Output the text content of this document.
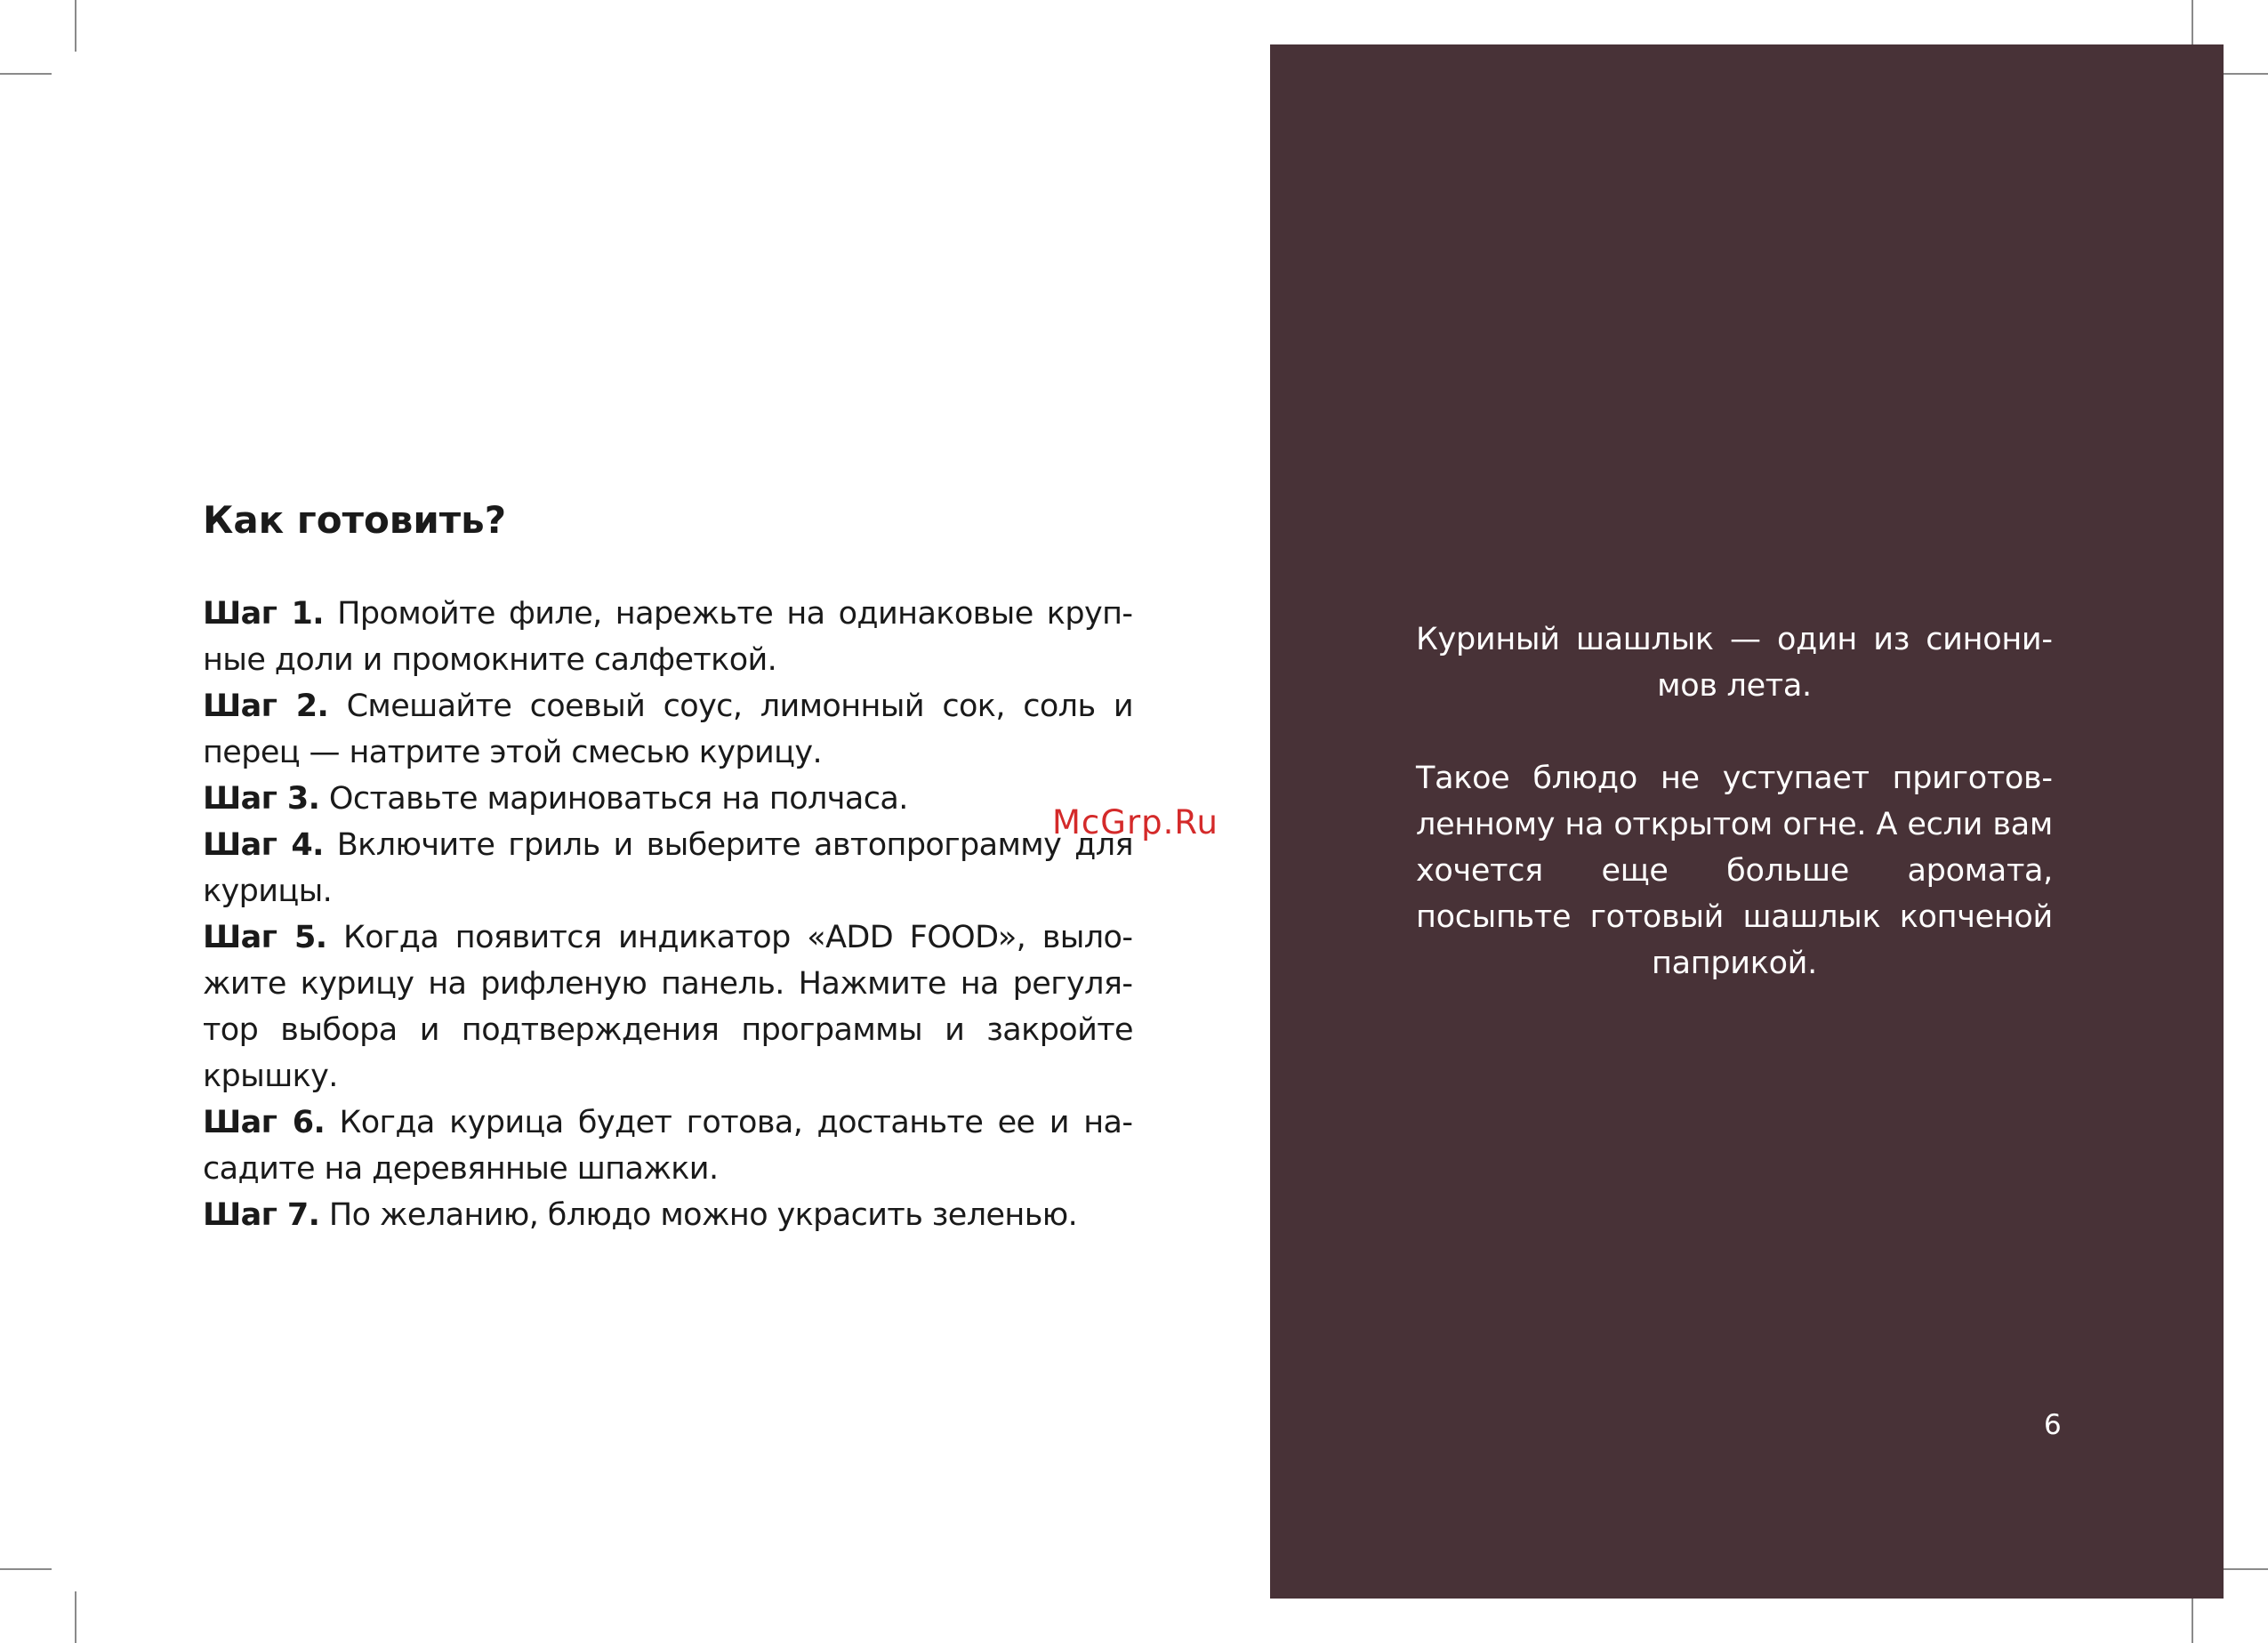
Как готовить?

Шаг 1. Промойте филе, нарежьте на одинаковые крупные доли и промокните салфеткой.

Шаг 2. Смешайте соевый соус, лимонный сок, соль и перец — натрите этой смесью курицу.

Шаг 3. Оставьте мариноваться на полчаса.

Шаг 4. Включите гриль и выберите автопрограмму для курицы.

Шаг 5. Когда появится индикатор «ADD FOOD», выложите курицу на рифленую панель. Нажмите на регулятор выбора и подтверждения программы и закройте крышку.

Шаг 6. Когда курица будет готова, достаньте ее и насадите на деревянные шпажки.

Шаг 7. По желанию, блюдо можно украсить зеленью.

McGrp.Ru

Куриный шашлык — один из синонимов лета.

Такое блюдо не уступает приготовленному на открытом огне. А если вам хочется еще больше аромата, посыпьте готовый шашлык копченой паприкой.

6
